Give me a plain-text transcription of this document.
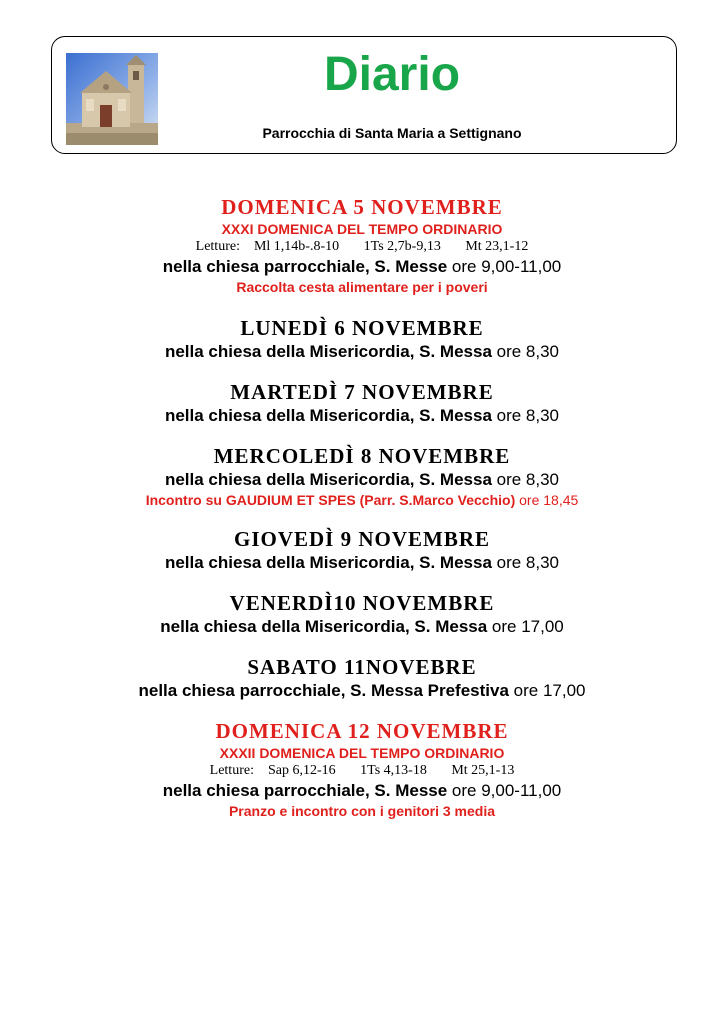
Diario
Parrocchia di Santa Maria a Settignano
DOMENICA 5 NOVEMBRE
XXXI DOMENICA DEL TEMPO ORDINARIO
Letture:    Ml 1,14b-.8-10       1Ts 2,7b-9,13       Mt 23,1-12
nella chiesa parrocchiale, S. Messe ore 9,00-11,00
Raccolta cesta alimentare per i poveri
LUNEDÌ 6 NOVEMBRE
nella chiesa della Misericordia, S. Messa ore 8,30
MARTEDÌ 7 NOVEMBRE
nella chiesa della Misericordia, S. Messa ore 8,30
MERCOLEDÌ 8 NOVEMBRE
nella chiesa della Misericordia, S. Messa ore 8,30
Incontro su GAUDIUM ET SPES (Parr. S.Marco Vecchio) ore 18,45
GIOVEDÌ 9 NOVEMBRE
nella chiesa della Misericordia, S. Messa ore 8,30
VENERDÌ10 NOVEMBRE
nella chiesa della Misericordia, S. Messa ore 17,00
SABATO 11NOVEBRE
nella chiesa parrocchiale, S. Messa Prefestiva ore 17,00
DOMENICA 12 NOVEMBRE
XXXII DOMENICA DEL TEMPO ORDINARIO
Letture:    Sap 6,12-16       1Ts 4,13-18       Mt 25,1-13
nella chiesa parrocchiale, S. Messe ore 9,00-11,00
Pranzo e incontro con i genitori 3 media
